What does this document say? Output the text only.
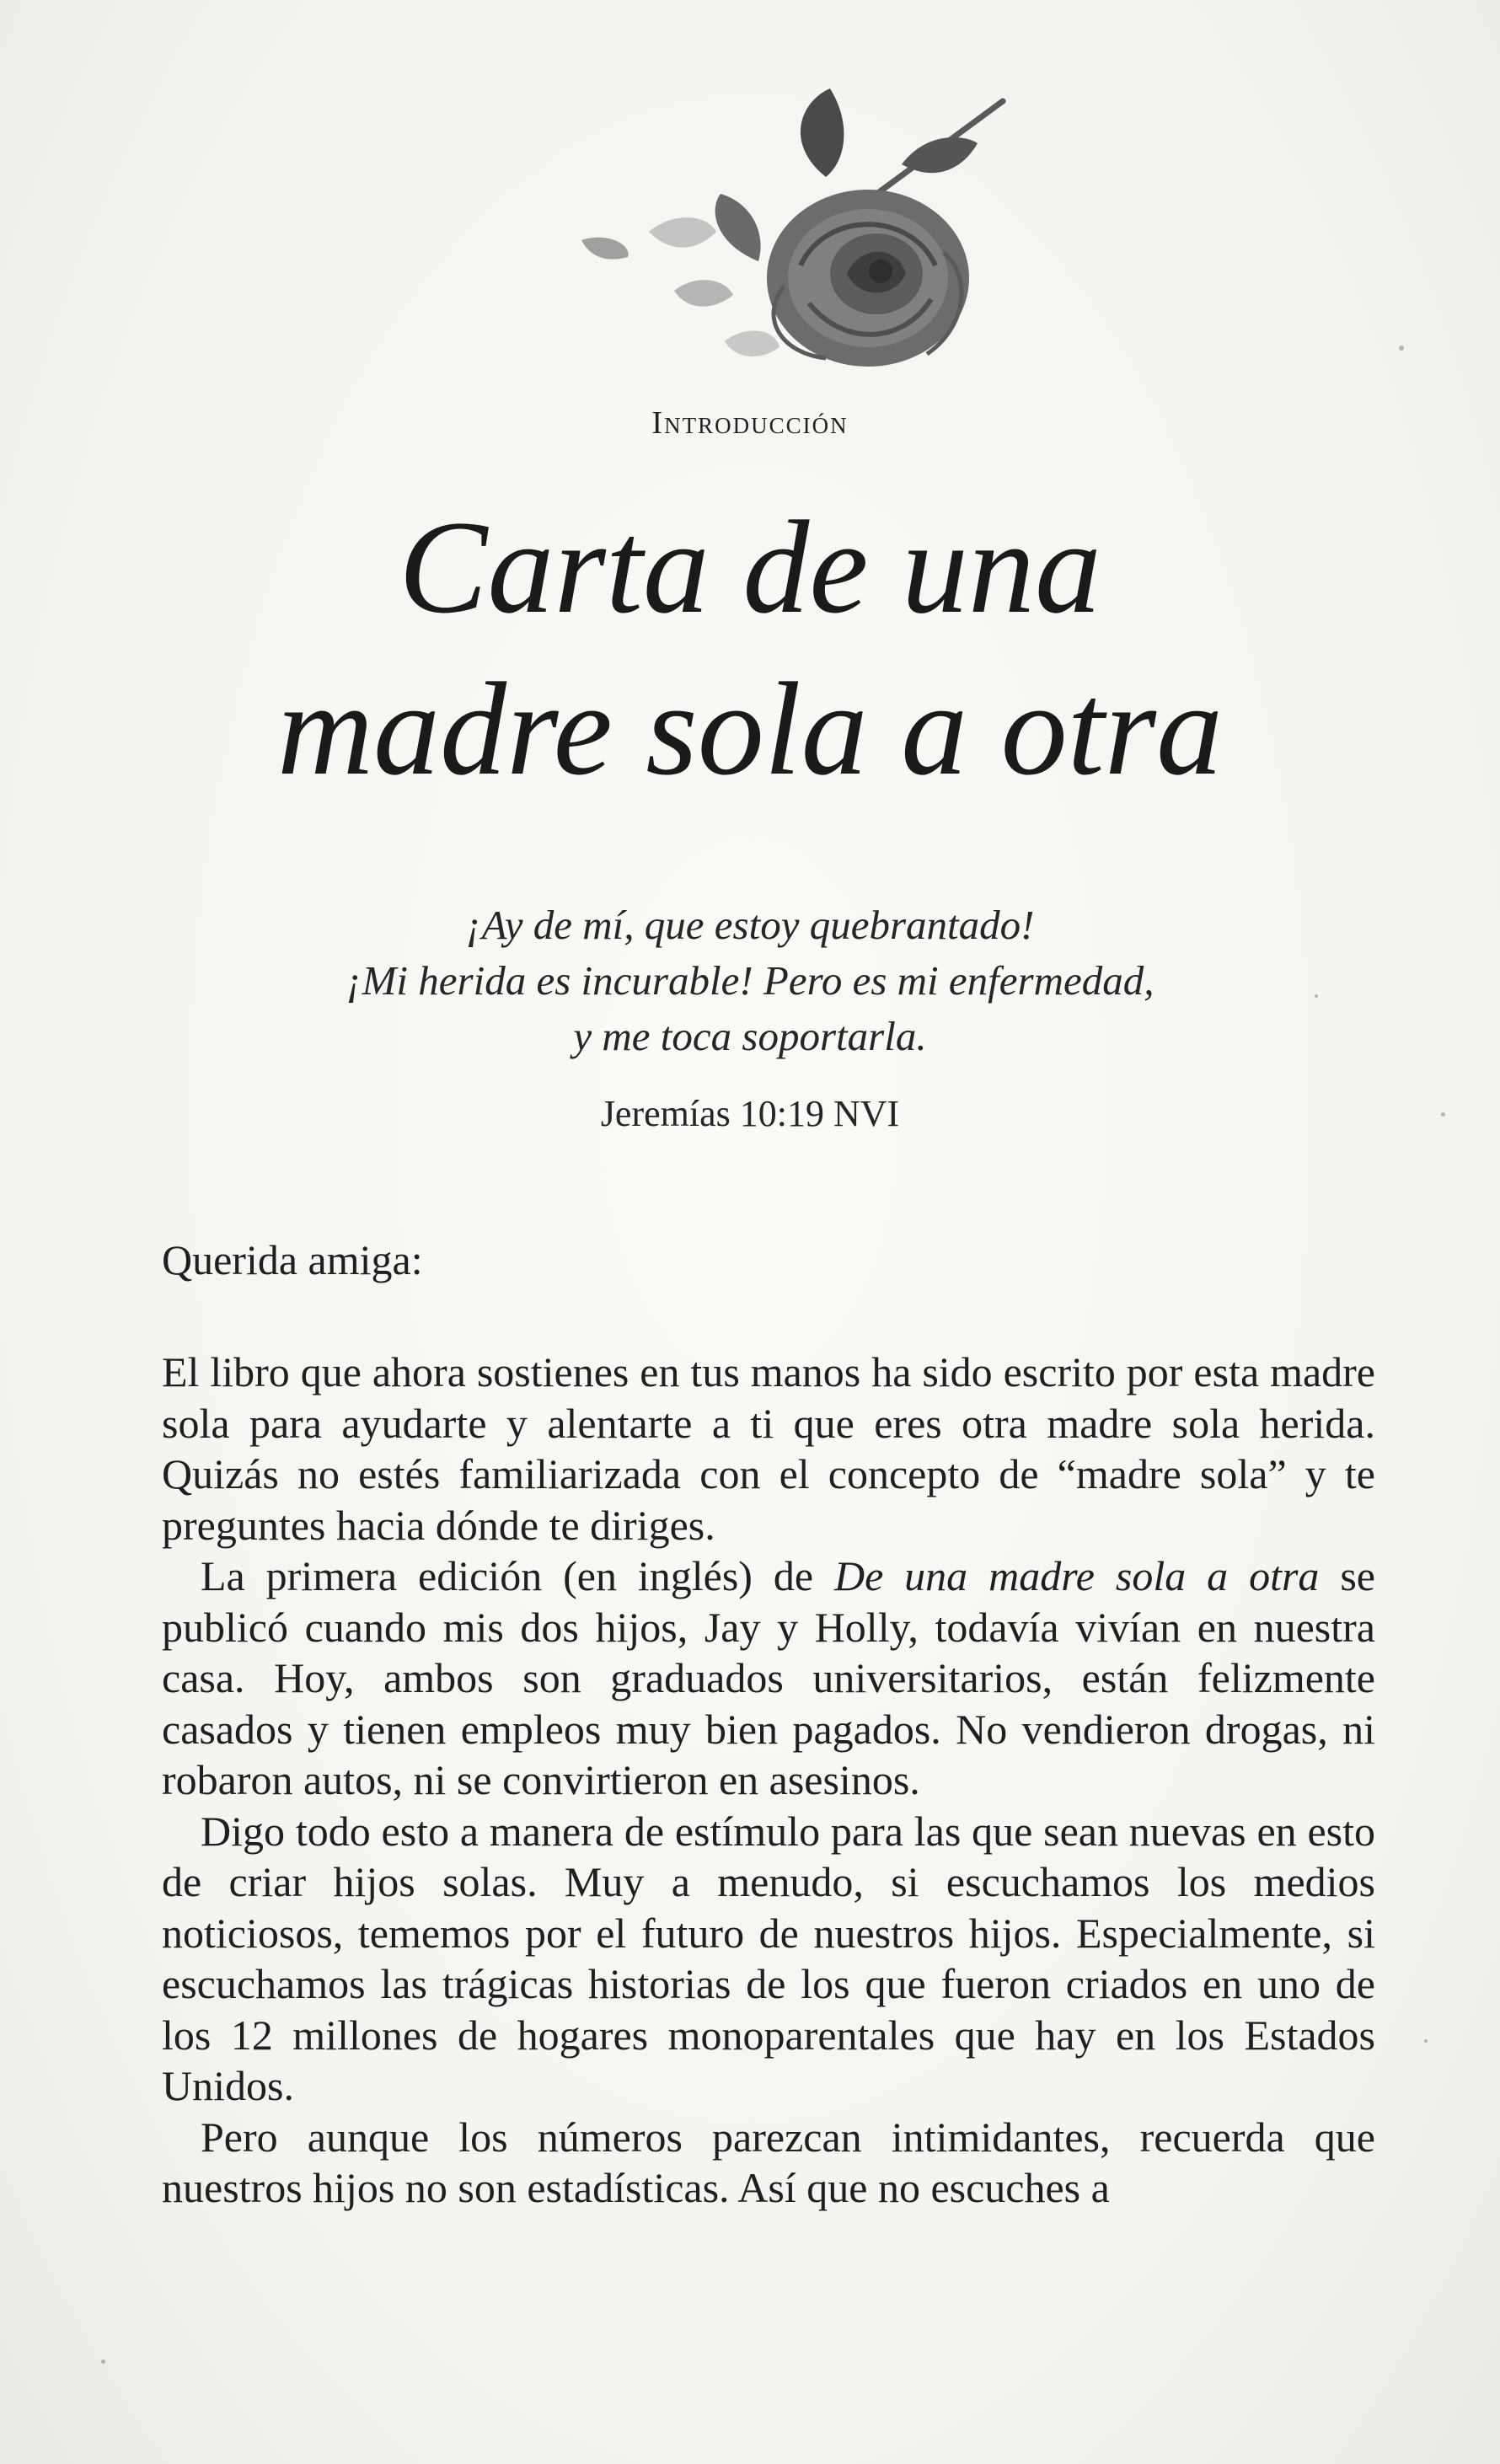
Introducción
Carta de una
madre sola a otra
¡Ay de mí, que estoy quebrantado!
¡Mi herida es incurable! Pero es mi enfermedad,
y me toca soportarla.
Jeremías 10:19 NVI
Querida amiga:

El libro que ahora sostienes en tus manos ha sido escrito por esta madre sola para ayudarte y alentarte a ti que eres otra madre sola herida. Quizás no estés familiarizada con el concepto de “madre sola” y te preguntes hacia dónde te diriges.

La primera edición (en inglés) de De una madre sola a otra se publicó cuando mis dos hijos, Jay y Holly, todavía vivían en nuestra casa. Hoy, ambos son graduados universitarios, están felizmente casados y tienen empleos muy bien pagados. No vendieron drogas, ni robaron autos, ni se convirtieron en asesinos.

Digo todo esto a manera de estímulo para las que sean nuevas en esto de criar hijos solas. Muy a menudo, si escuchamos los medios noticiosos, tememos por el futuro de nuestros hijos. Especialmente, si escuchamos las trágicas historias de los que fueron criados en uno de los 12 millones de hogares monoparentales que hay en los Estados Unidos.

Pero aunque los números parezcan intimidantes, recuerda que nuestros hijos no son estadísticas. Así que no escuches a
